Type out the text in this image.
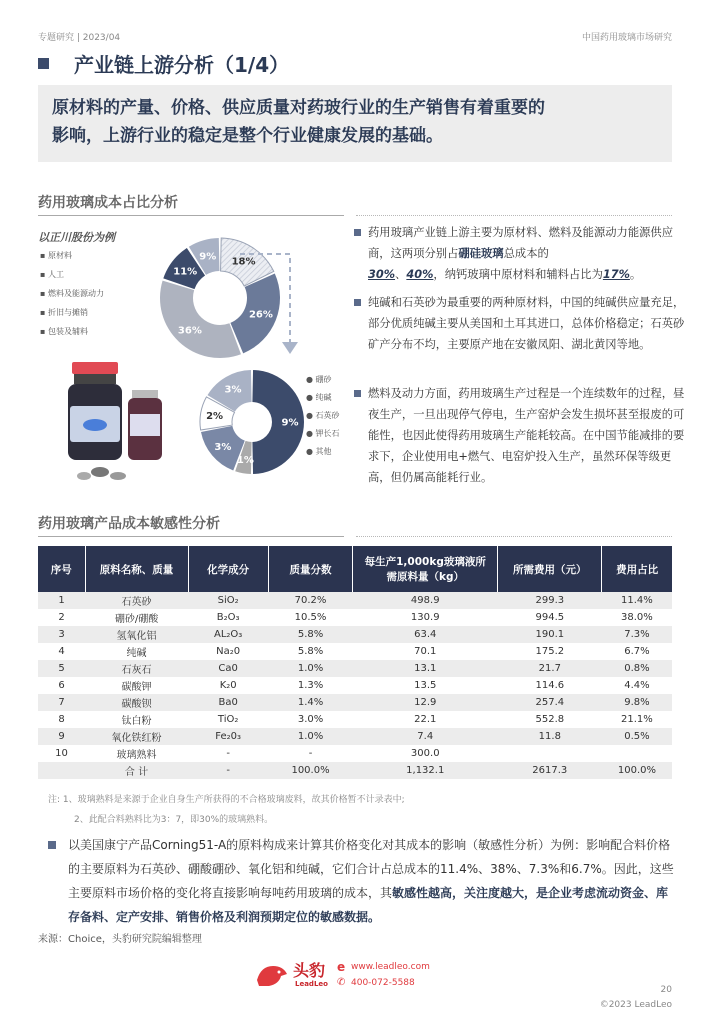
专题研究 | 2023/04	中国药用玻璃市场研究
产业链上游分析（1/4）
原材料的产量、价格、供应质量对药玻行业的生产销售有着重要的
影响，上游行业的稳定是整个行业健康发展的基础。
药用玻璃成本占比分析
以正川股份为例
▪ 原材料
▪ 人工
▪ 燃料及能源动力
▪ 折旧与摊销
▪ 包装及辅料
18%
26%
36%
11%
9%
9%
1%
3%
2%
3%
● 硼砂
● 纯碱
● 石英砂
● 钾长石
● 其他
药用玻璃产业链上游主要为原材料、燃料及能源动力能源供应商，这两项分别占硼硅玻璃总成本的
30%、40%，纳钙玻璃中原材料和辅料占比为17%。
纯碱和石英砂为最重要的两种原材料，中国的纯碱供应量充足，部分优质纯碱主要从美国和土耳其进口，总体价格稳定；石英砂矿产分布不均，主要原产地在安徽凤阳、湖北黄冈等地。
燃料及动力方面，药用玻璃生产过程是一个连续数年的过程，昼夜生产，一旦出现停气停电，生产窑炉会发生损坏甚至报废的可能性，也因此使得药用玻璃生产能耗较高。在中国节能减排的要求下，企业使用电+燃气、电窑炉投入生产，虽然环保等级更高，但仍属高能耗行业。
药用玻璃产品成本敏感性分析
序号	原料名称、质量	化学成分	质量分数	每生产1,000kg玻璃液所需原料量（kg）	所需费用（元）	费用占比
1	石英砂	SiO₂	70.2%	498.9	299.3	11.4%
2	硼砂/硼酸	B₂O₃	10.5%	130.9	994.5	38.0%
3	氢氧化铝	AL₂O₃	5.8%	63.4	190.1	7.3%
4	纯碱	Na₂0	5.8%	70.1	175.2	6.7%
5	石灰石	Ca0	1.0%	13.1	21.7	0.8%
6	碳酸钾	K₂0	1.3%	13.5	114.6	4.4%
7	碳酸钡	Ba0	1.4%	12.9	257.4	9.8%
8	钛白粉	TiO₂	3.0%	22.1	552.8	21.1%
9	氧化铁红粉	Fe₂0₃	1.0%	7.4	11.8	0.5%
10	玻璃熟料	-	-	300.0		
	合 计	-	100.0%	1,132.1	2617.3	100.0%
注: 1、玻璃熟料是来源于企业自身生产所获得的不合格玻璃废料，故其价格暂不计录表中;
2、此配合料熟料比为3：7，即30%的玻璃熟料。
以美国康宁产品Corning51-A的原料构成来计算其价格变化对其成本的影响（敏感性分析）为例：影响配合料价格的主要原料为石英砂、硼酸硼砂、氧化铝和纯碱，它们合计占总成本的11.4%、38%、7.3%和6.7%。因此，这些主要原料市场价格的变化将直接影响每吨药用玻璃的成本，其敏感性越高，关注度越大，是企业考虑流动资金、库存备料、定产安排、销售价格及利润预期定位的敏感数据。
来源：Choice，头豹研究院编辑整理
头豹
LeadLeo
e www.leadleo.com
✆ 400-072-5588
20
©2023 LeadLeo
